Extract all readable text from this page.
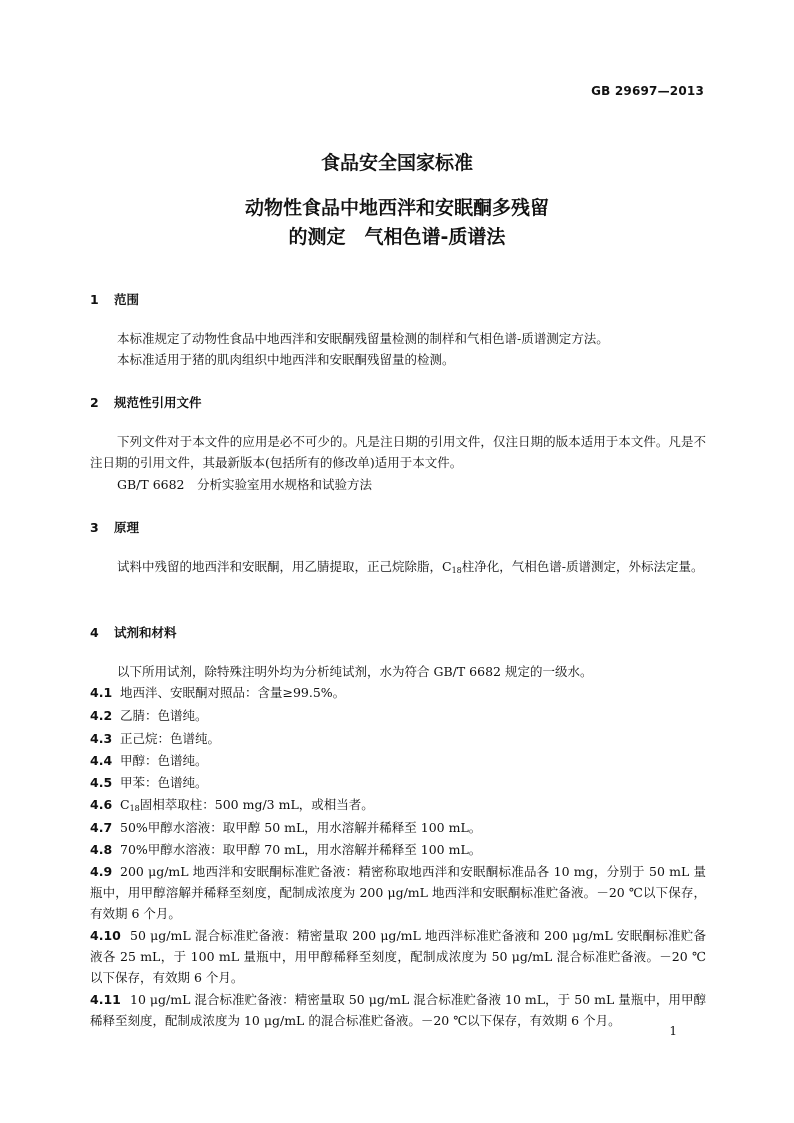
GB 29697—2013
食品安全国家标准
动物性食品中地西泮和安眠酮多残留
的测定　气相色谱-质谱法
1 范围
本标准规定了动物性食品中地西泮和安眠酮残留量检测的制样和气相色谱-质谱测定方法。
本标准适用于猪的肌肉组织中地西泮和安眠酮残留量的检测。
2 规范性引用文件
下列文件对于本文件的应用是必不可少的。凡是注日期的引用文件，仅注日期的版本适用于本文件。凡是不注日期的引用文件，其最新版本(包括所有的修改单)适用于本文件。
GB/T 6682　分析实验室用水规格和试验方法
3 原理
试料中残留的地西泮和安眠酮，用乙腈提取，正己烷除脂，$C_{18}$柱净化，气相色谱-质谱测定，外标法定量。
4 试剂和材料
以下所用试剂，除特殊注明外均为分析纯试剂，水为符合 GB/T 6682 规定的一级水。
4.1 地西泮、安眠酮对照品：含量≥99.5%。
4.2 乙腈：色谱纯。
4.3 正己烷：色谱纯。
4.4 甲醇：色谱纯。
4.5 甲苯：色谱纯。
4.6 $C_{18}$固相萃取柱：500 mg/3 mL，或相当者。
4.7 50%甲醇水溶液：取甲醇 50 mL，用水溶解并稀释至 100 mL。
4.8 70%甲醇水溶液：取甲醇 70 mL，用水溶解并稀释至 100 mL。
4.9 200 μg/mL 地西泮和安眠酮标准贮备液：精密称取地西泮和安眠酮标准品各 10 mg，分别于 50 mL 量瓶中，用甲醇溶解并稀释至刻度，配制成浓度为 200 μg/mL 地西泮和安眠酮标准贮备液。－20 ℃以下保存，有效期 6 个月。
4.10 50 μg/mL 混合标准贮备液：精密量取 200 μg/mL 地西泮标准贮备液和 200 μg/mL 安眠酮标准贮备液各 25 mL，于 100 mL 量瓶中，用甲醇稀释至刻度，配制成浓度为 50 μg/mL 混合标准贮备液。－20 ℃ 以下保存，有效期 6 个月。
4.11 10 μg/mL 混合标准贮备液：精密量取 50 μg/mL 混合标准贮备液 10 mL，于 50 mL 量瓶中，用甲醇稀释至刻度，配制成浓度为 10 μg/mL 的混合标准贮备液。－20 ℃以下保存，有效期 6 个月。
1
